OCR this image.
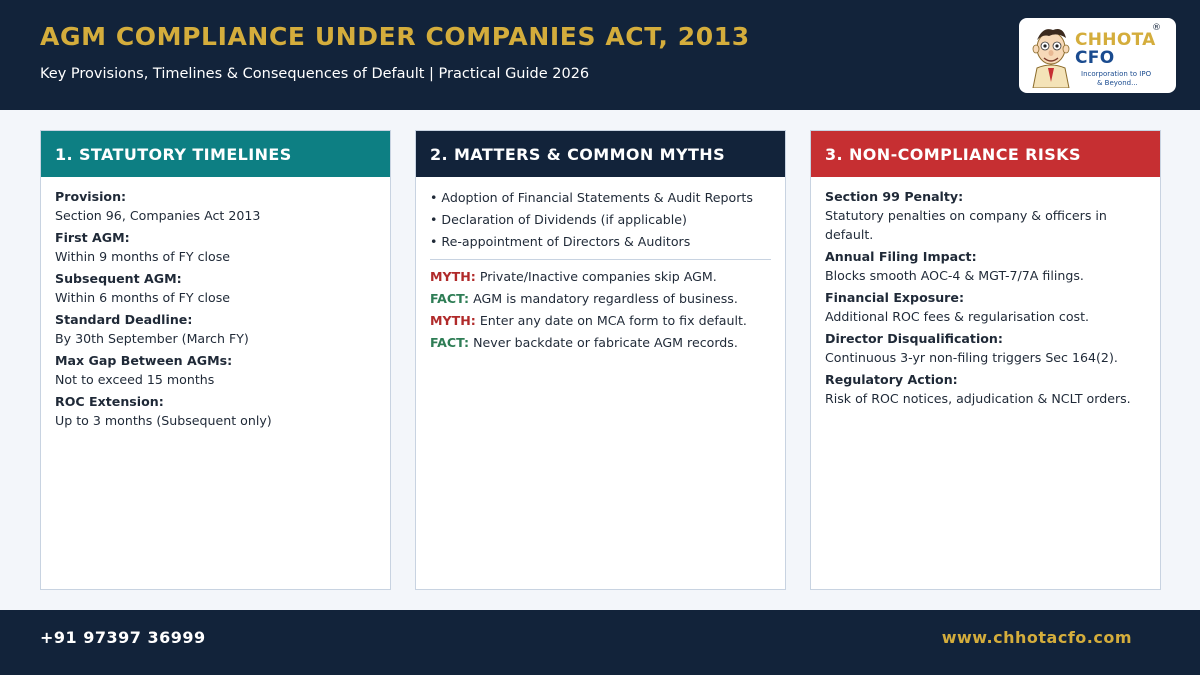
AGM COMPLIANCE UNDER COMPANIES ACT, 2013
Key Provisions, Timelines & Consequences of Default | Practical Guide 2026
CHHOTA
®
CFO
Incorporation to IPO
& Beyond...
1. STATUTORY TIMELINES
Provision:
Section 96, Companies Act 2013
First AGM:
Within 9 months of FY close
Subsequent AGM:
Within 6 months of FY close
Standard Deadline:
By 30th September (March FY)
Max Gap Between AGMs:
Not to exceed 15 months
ROC Extension:
Up to 3 months (Subsequent only)
2. MATTERS & COMMON MYTHS
• Adoption of Financial Statements & Audit Reports
• Declaration of Dividends (if applicable)
• Re-appointment of Directors & Auditors
MYTH: Private/Inactive companies skip AGM.
FACT: AGM is mandatory regardless of business.
MYTH: Enter any date on MCA form to fix default.
FACT: Never backdate or fabricate AGM records.
3. NON-COMPLIANCE RISKS
Section 99 Penalty:
Statutory penalties on company & officers in default.
Annual Filing Impact:
Blocks smooth AOC-4 & MGT-7/7A filings.
Financial Exposure:
Additional ROC fees & regularisation cost.
Director Disqualification:
Continuous 3-yr non-filing triggers Sec 164(2).
Regulatory Action:
Risk of ROC notices, adjudication & NCLT orders.
+91 97397 36999	www.chhotacfo.com
